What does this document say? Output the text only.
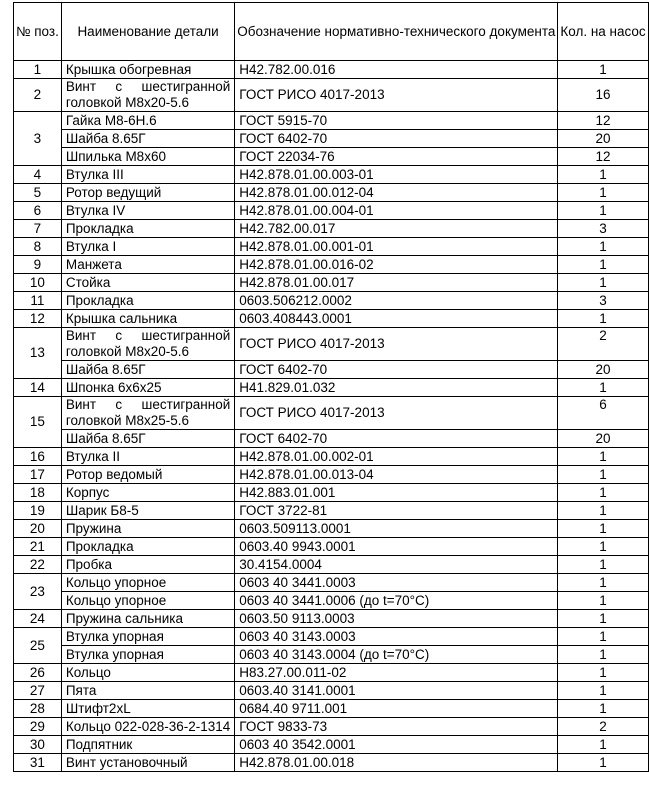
№ поз.	Наименование детали	Обозначение нормативно-технического документа	Кол. на насос
1	Крышка обогревная	Н42.782.00.016	1
2	Винт с шестигранной головкой М8х20-5.6	ГОСТ РИСО 4017-2013	16
3	Гайка М8-6Н.6	ГОСТ 5915-70	12
	Шайба 8.65Г	ГОСТ 6402-70	20
	Шпилька М8х60	ГОСТ 22034-76	12
4	Втулка III	Н42.878.01.00.003-01	1
5	Ротор ведущий	Н42.878.01.00.012-04	1
6	Втулка IV	Н42.878.01.00.004-01	1
7	Прокладка	Н42.782.00.017	3
8	Втулка I	Н42.878.01.00.001-01	1
9	Манжета	Н42.878.01.00.016-02	1
10	Стойка	Н42.878.01.00.017	1
11	Прокладка	0603.506212.0002	3
12	Крышка сальника	0603.408443.0001	1
13	Винт с шестигранной головкой М8х20-5.6	ГОСТ РИСО 4017-2013	2
	Шайба 8.65Г	ГОСТ 6402-70	20
14	Шпонка 6х6х25	Н41.829.01.032	1
15	Винт с шестигранной головкой М8х25-5.6	ГОСТ РИСО 4017-2013	6
	Шайба 8.65Г	ГОСТ 6402-70	20
16	Втулка II	Н42.878.01.00.002-01	1
17	Ротор ведомый	Н42.878.01.00.013-04	1
18	Корпус	Н42.883.01.001	1
19	Шарик Б8-5	ГОСТ 3722-81	1
20	Пружина	0603.509113.0001	1
21	Прокладка	0603.40 9943.0001	1
22	Пробка	30.4154.0004	1
23	Кольцо упорное	0603 40 3441.0003	1
	Кольцо упорное	0603 40 3441.0006 (до t=70°C)	1
24	Пружина сальника	0603.50 9113.0003	1
25	Втулка упорная	0603 40 3143.0003	1
	Втулка упорная	0603 40 3143.0004 (до t=70°C)	1
26	Кольцо	Н83.27.00.011-02	1
27	Пята	0603.40 3141.0001	1
28	Штифт2хL	0684.40 9711.001	1
29	Кольцо 022-028-36-2-1314	ГОСТ 9833-73	2
30	Подпятник	0603 40 3542.0001	1
31	Винт установочный	Н42.878.01.00.018	1
